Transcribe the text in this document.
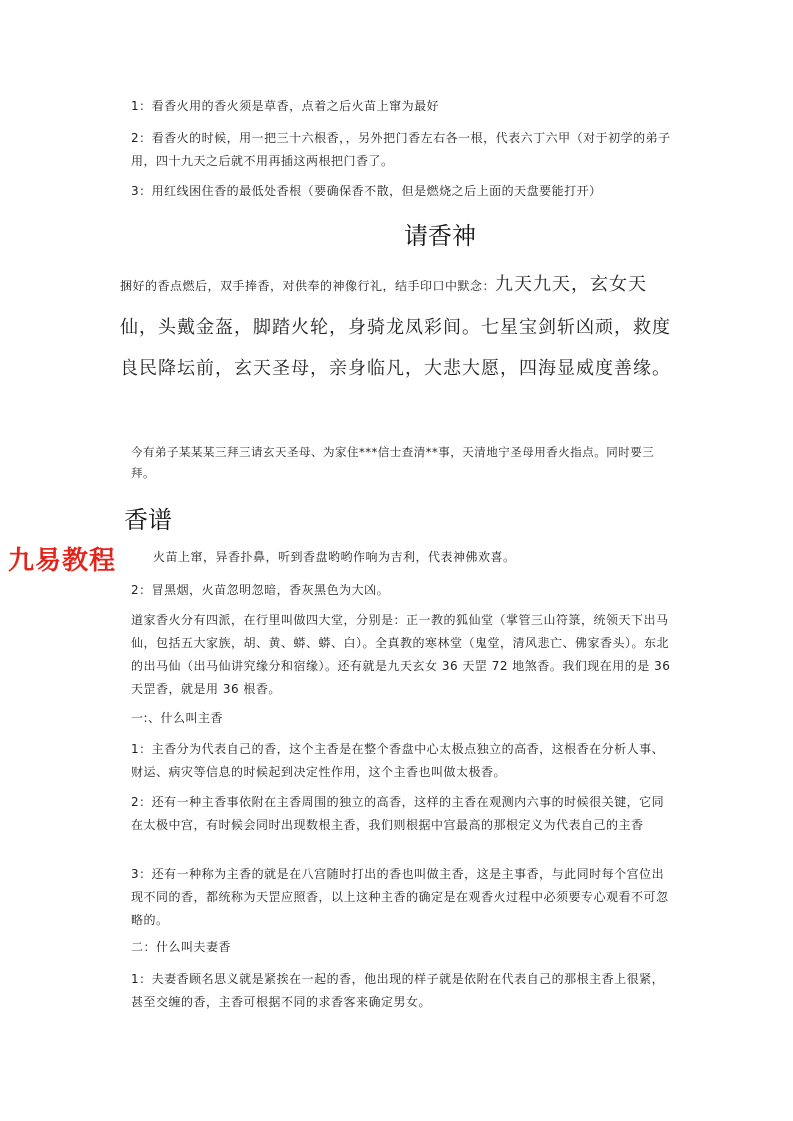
1：看香火用的香火须是草香，点着之后火苗上窜为最好

2：看香火的时候，用一把三十六根香，，另外把门香左右各一根，代表六丁六甲（对于初学的弟子用，四十九天之后就不用再插这两根把门香了。

3：用红线困住香的最低处香根（要确保香不散，但是燃烧之后上面的天盘要能打开）

请香神

捆好的香点燃后，双手捧香，对供奉的神像行礼，结手印口中默念：九天九天，玄女天仙，头戴金盔，脚踏火轮，身骑龙凤彩间。七星宝剑斩凶顽，救度良民降坛前，玄天圣母，亲身临凡，大悲大愿，四海显威度善缘。

今有弟子某某某三拜三请玄天圣母、为家住***信士查清**事，天清地宁圣母用香火指点。同时要三拜。

香谱
九易教程	火苗上窜，异香扑鼻，听到香盘哟哟作响为吉利，代表神佛欢喜。

2：冒黑烟，火苗忽明忽暗，香灰黑色为大凶。

道家香火分有四派，在行里叫做四大堂，分别是：正一教的狐仙堂（掌管三山符箓，统领天下出马仙，包括五大家族，胡、黄、蟒、蟒、白）。全真教的寒林堂（鬼堂，清风悲亡、佛家香头）。东北的出马仙（出马仙讲究缘分和宿缘）。还有就是九天玄女 36 天罡 72 地煞香。我们现在用的是 36 天罡香，就是用 36 根香。

一:、什么叫主香

1：主香分为代表自己的香，这个主香是在整个香盘中心太极点独立的高香，这根香在分析人事、财运、病灾等信息的时候起到决定性作用，这个主香也叫做太极香。

2：还有一种主香事依附在主香周围的独立的高香，这样的主香在观测内六事的时候很关键，它同在太极中宫，有时候会同时出现数根主香，我们则根据中宫最高的那根定义为代表自己的主香

3：还有一种称为主香的就是在八宫随时打出的香也叫做主香，这是主事香，与此同时每个宫位出现不同的香，都统称为天罡应照香，以上这种主香的确定是在观香火过程中必须要专心观看不可忽略的。

二：什么叫夫妻香

1：夫妻香顾名思义就是紧挨在一起的香，他出现的样子就是依附在代表自己的那根主香上很紧，甚至交缠的香，主香可根据不同的求香客来确定男女。
